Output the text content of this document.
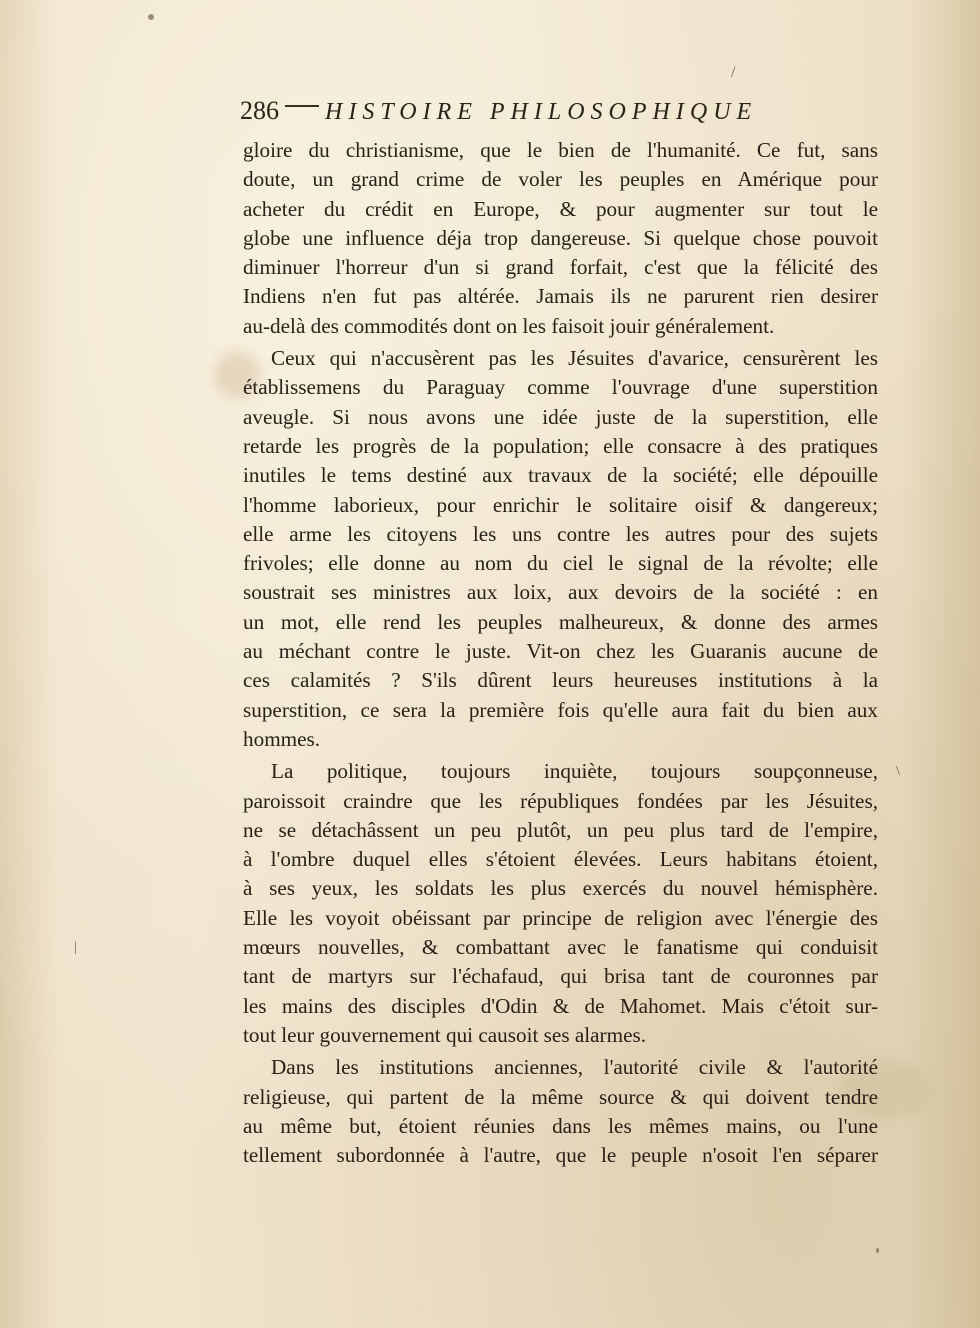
/
\
|
286 HISTOIRE PHILOSOPHIQUE

gloire du christianisme, que le bien de l'humanité. Ce fut, sans
doute, un grand crime de voler les peuples en Amérique pour
acheter du crédit en Europe, & pour augmenter sur tout le
globe une influence déja trop dangereuse. Si quelque chose pouvoit
diminuer l'horreur d'un si grand forfait, c'est que la félicité des
Indiens n'en fut pas altérée. Jamais ils ne parurent rien desirer
au-delà des commodités dont on les faisoit jouir généralement.

Ceux qui n'accusèrent pas les Jésuites d'avarice, censurèrent les
établissemens du Paraguay comme l'ouvrage d'une superstition
aveugle. Si nous avons une idée juste de la superstition, elle
retarde les progrès de la population; elle consacre à des pratiques
inutiles le tems destiné aux travaux de la société; elle dépouille
l'homme laborieux, pour enrichir le solitaire oisif & dangereux;
elle arme les citoyens les uns contre les autres pour des sujets
frivoles; elle donne au nom du ciel le signal de la révolte; elle
soustrait ses ministres aux loix, aux devoirs de la société : en
un mot, elle rend les peuples malheureux, & donne des armes
au méchant contre le juste. Vit-on chez les Guaranis aucune de
ces calamités ? S'ils dûrent leurs heureuses institutions à la
superstition, ce sera la première fois qu'elle aura fait du bien aux
hommes.

La politique, toujours inquiète, toujours soupçonneuse,
paroissoit craindre que les républiques fondées par les Jésuites,
ne se détachâssent un peu plutôt, un peu plus tard de l'empire,
à l'ombre duquel elles s'étoient élevées. Leurs habitans étoient,
à ses yeux, les soldats les plus exercés du nouvel hémisphère.
Elle les voyoit obéissant par principe de religion avec l'énergie des
mœurs nouvelles, & combattant avec le fanatisme qui conduisit
tant de martyrs sur l'échafaud, qui brisa tant de couronnes par
les mains des disciples d'Odin & de Mahomet. Mais c'étoit sur-
tout leur gouvernement qui causoit ses alarmes.

Dans les institutions anciennes, l'autorité civile & l'autorité
religieuse, qui partent de la même source & qui doivent tendre
au même but, étoient réunies dans les mêmes mains, ou l'une
tellement subordonnée à l'autre, que le peuple n'osoit l'en séparer
